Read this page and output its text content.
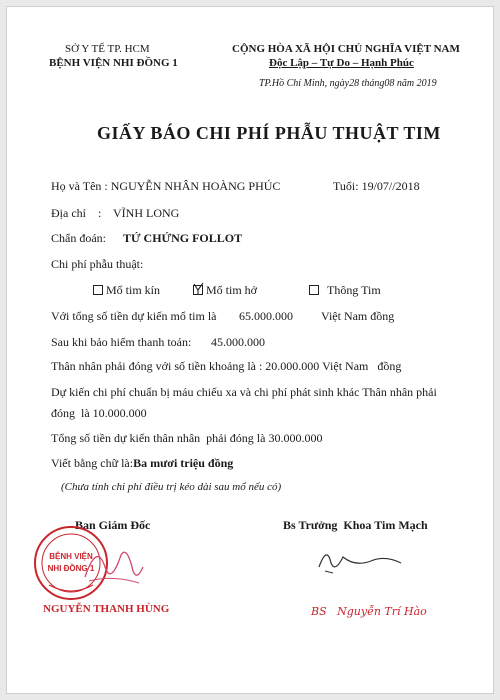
SỞ Y TẾ TP. HCM
BỆNH VIỆN NHI ĐỒNG 1
CỘNG HÒA XÃ HỘI CHỦ NGHĨA VIỆT NAM
Độc Lập – Tự Do – Hạnh Phúc
TP.Hồ Chí Minh, ngày28 tháng08 năm 2019
GIẤY BÁO CHI PHÍ PHẪU THUẬT TIM
Họ và Tên : NGUYỄN NHÂN HOÀNG PHÚC	Tuổi: 19/07//2018
Địa chỉ : VĨNH LONG
Chẩn đoán: TỨ CHỨNG FOLLOT
Chi phí phẫu thuật:
Mổ tim kín	Mổ tim hở	Thông Tim
Với tổng số tiền dự kiến mổ tim là 65.000.000 Việt Nam đồng
Sau khi bảo hiểm thanh toán: 45.000.000
Thân nhân phải đóng với số tiền khoảng là : 20.000.000 Việt Nam   đồng
Dự kiến chi phí chuẩn bị máu chiếu xa và chi phí phát sinh khác Thân nhân phải
đóng  là 10.000.000
Tổng số tiền dự kiến thân nhân  phải đóng là 30.000.000
Viết bằng chữ là:Ba mươi triệu đồng
(Chưa tính chi phí điều trị kéo dài sau mổ nếu có)
Ban Giám Đốc	Bs Trưởng  Khoa Tim Mạch
BỆNH VIỆN
NHI ĐỒNG 1
NGUYỄN THANH HÙNG	BS   Nguyễn Trí Hào
